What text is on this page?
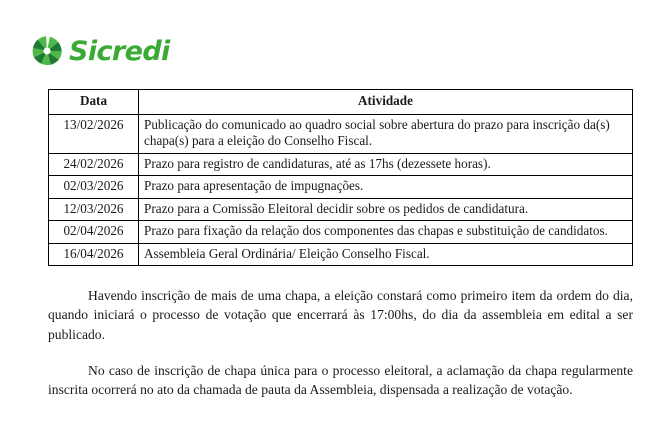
Sicredi
Data	Atividade
13/02/2026	Publicação do comunicado ao quadro social sobre abertura do prazo para inscrição da(s) chapa(s) para a eleição do Conselho Fiscal.
24/02/2026	Prazo para registro de candidaturas, até as 17hs (dezessete horas).
02/03/2026	Prazo para apresentação de impugnações.
12/03/2026	Prazo para a Comissão Eleitoral decidir sobre os pedidos de candidatura.
02/04/2026	Prazo para fixação da relação dos componentes das chapas e substituição de candidatos.
16/04/2026	Assembleia Geral Ordinária/ Eleição Conselho Fiscal.

Havendo inscrição de mais de uma chapa, a eleição constará como primeiro item da ordem do dia, quando iniciará o processo de votação que encerrará às 17:00hs, do dia da assembleia em edital a ser publicado.

No caso de inscrição de chapa única para o processo eleitoral, a aclamação da chapa regularmente inscrita ocorrerá no ato da chamada de pauta da Assembleia, dispensada a realização de votação.
